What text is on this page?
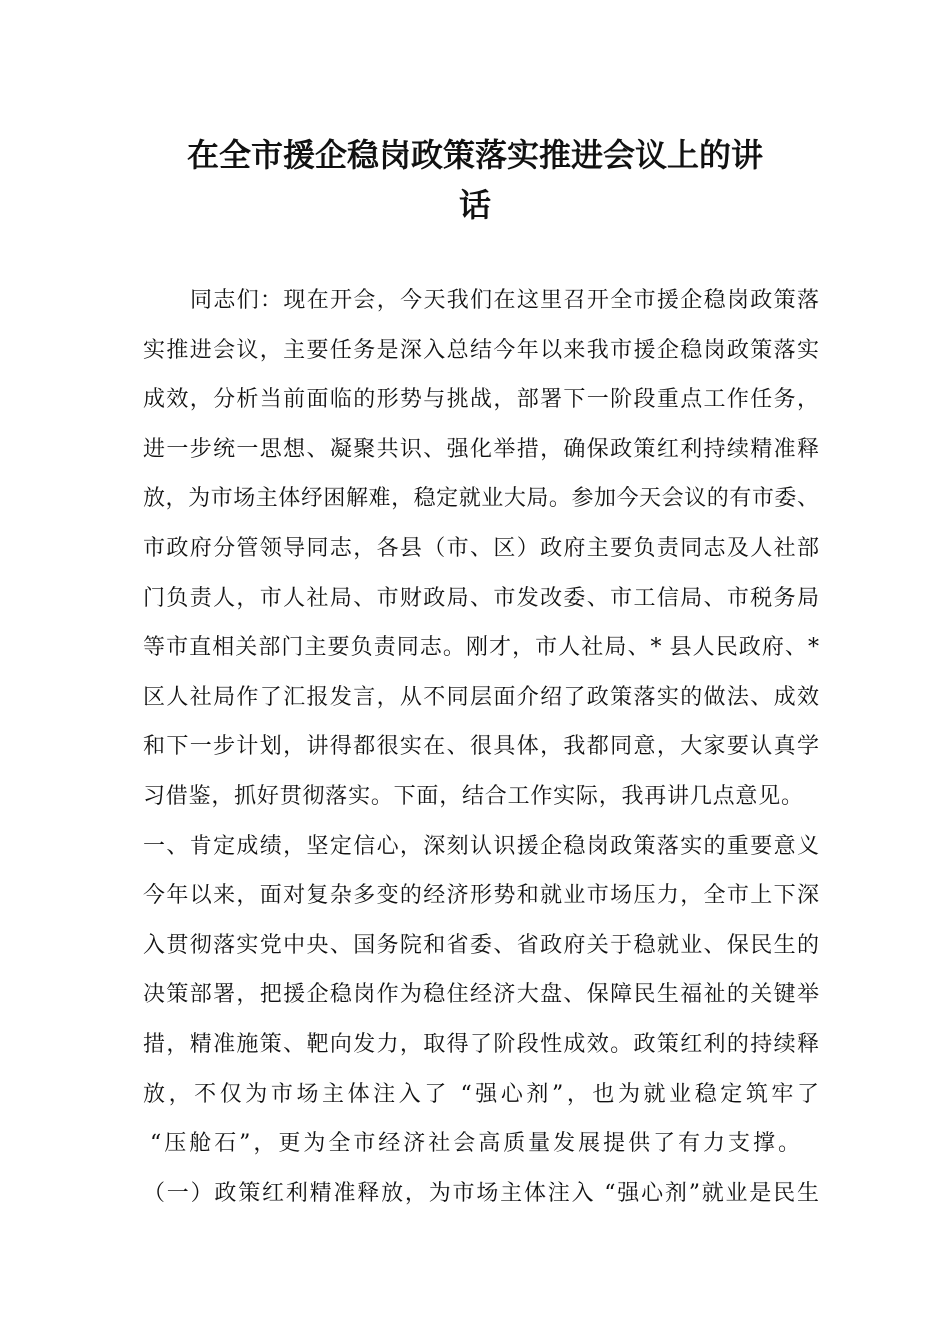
在全市援企稳岗政策落实推进会议上的讲
话
同志们：现在开会，今天我们在这里召开全市援企稳岗政策落
实推进会议，主要任务是深入总结今年以来我市援企稳岗政策落实
成效，分析当前面临的形势与挑战，部署下一阶段重点工作任务，
进一步统一思想、凝聚共识、强化举措，确保政策红利持续精准释
放，为市场主体纾困解难，稳定就业大局。参加今天会议的有市委、
市政府分管领导同志，各县（市、区）政府主要负责同志及人社部
门负责人，市人社局、市财政局、市发改委、市工信局、市税务局
等市直相关部门主要负责同志。刚才，市人社局、* 县人民政府、*
区人社局作了汇报发言，从不同层面介绍了政策落实的做法、成效
和下一步计划，讲得都很实在、很具体，我都同意，大家要认真学
习借鉴，抓好贯彻落实。下面，结合工作实际，我再讲几点意见。
一、肯定成绩，坚定信心，深刻认识援企稳岗政策落实的重要意义
今年以来，面对复杂多变的经济形势和就业市场压力，全市上下深
入贯彻落实党中央、国务院和省委、省政府关于稳就业、保民生的
决策部署，把援企稳岗作为稳住经济大盘、保障民生福祉的关键举
措，精准施策、靶向发力，取得了阶段性成效。政策红利的持续释
放，不仅为市场主体注入了 “强心剂”，也为就业稳定筑牢了
“压舱石”，更为全市经济社会高质量发展提供了有力支撑。
（一）政策红利精准释放，为市场主体注入 “强心剂”就业是民生
